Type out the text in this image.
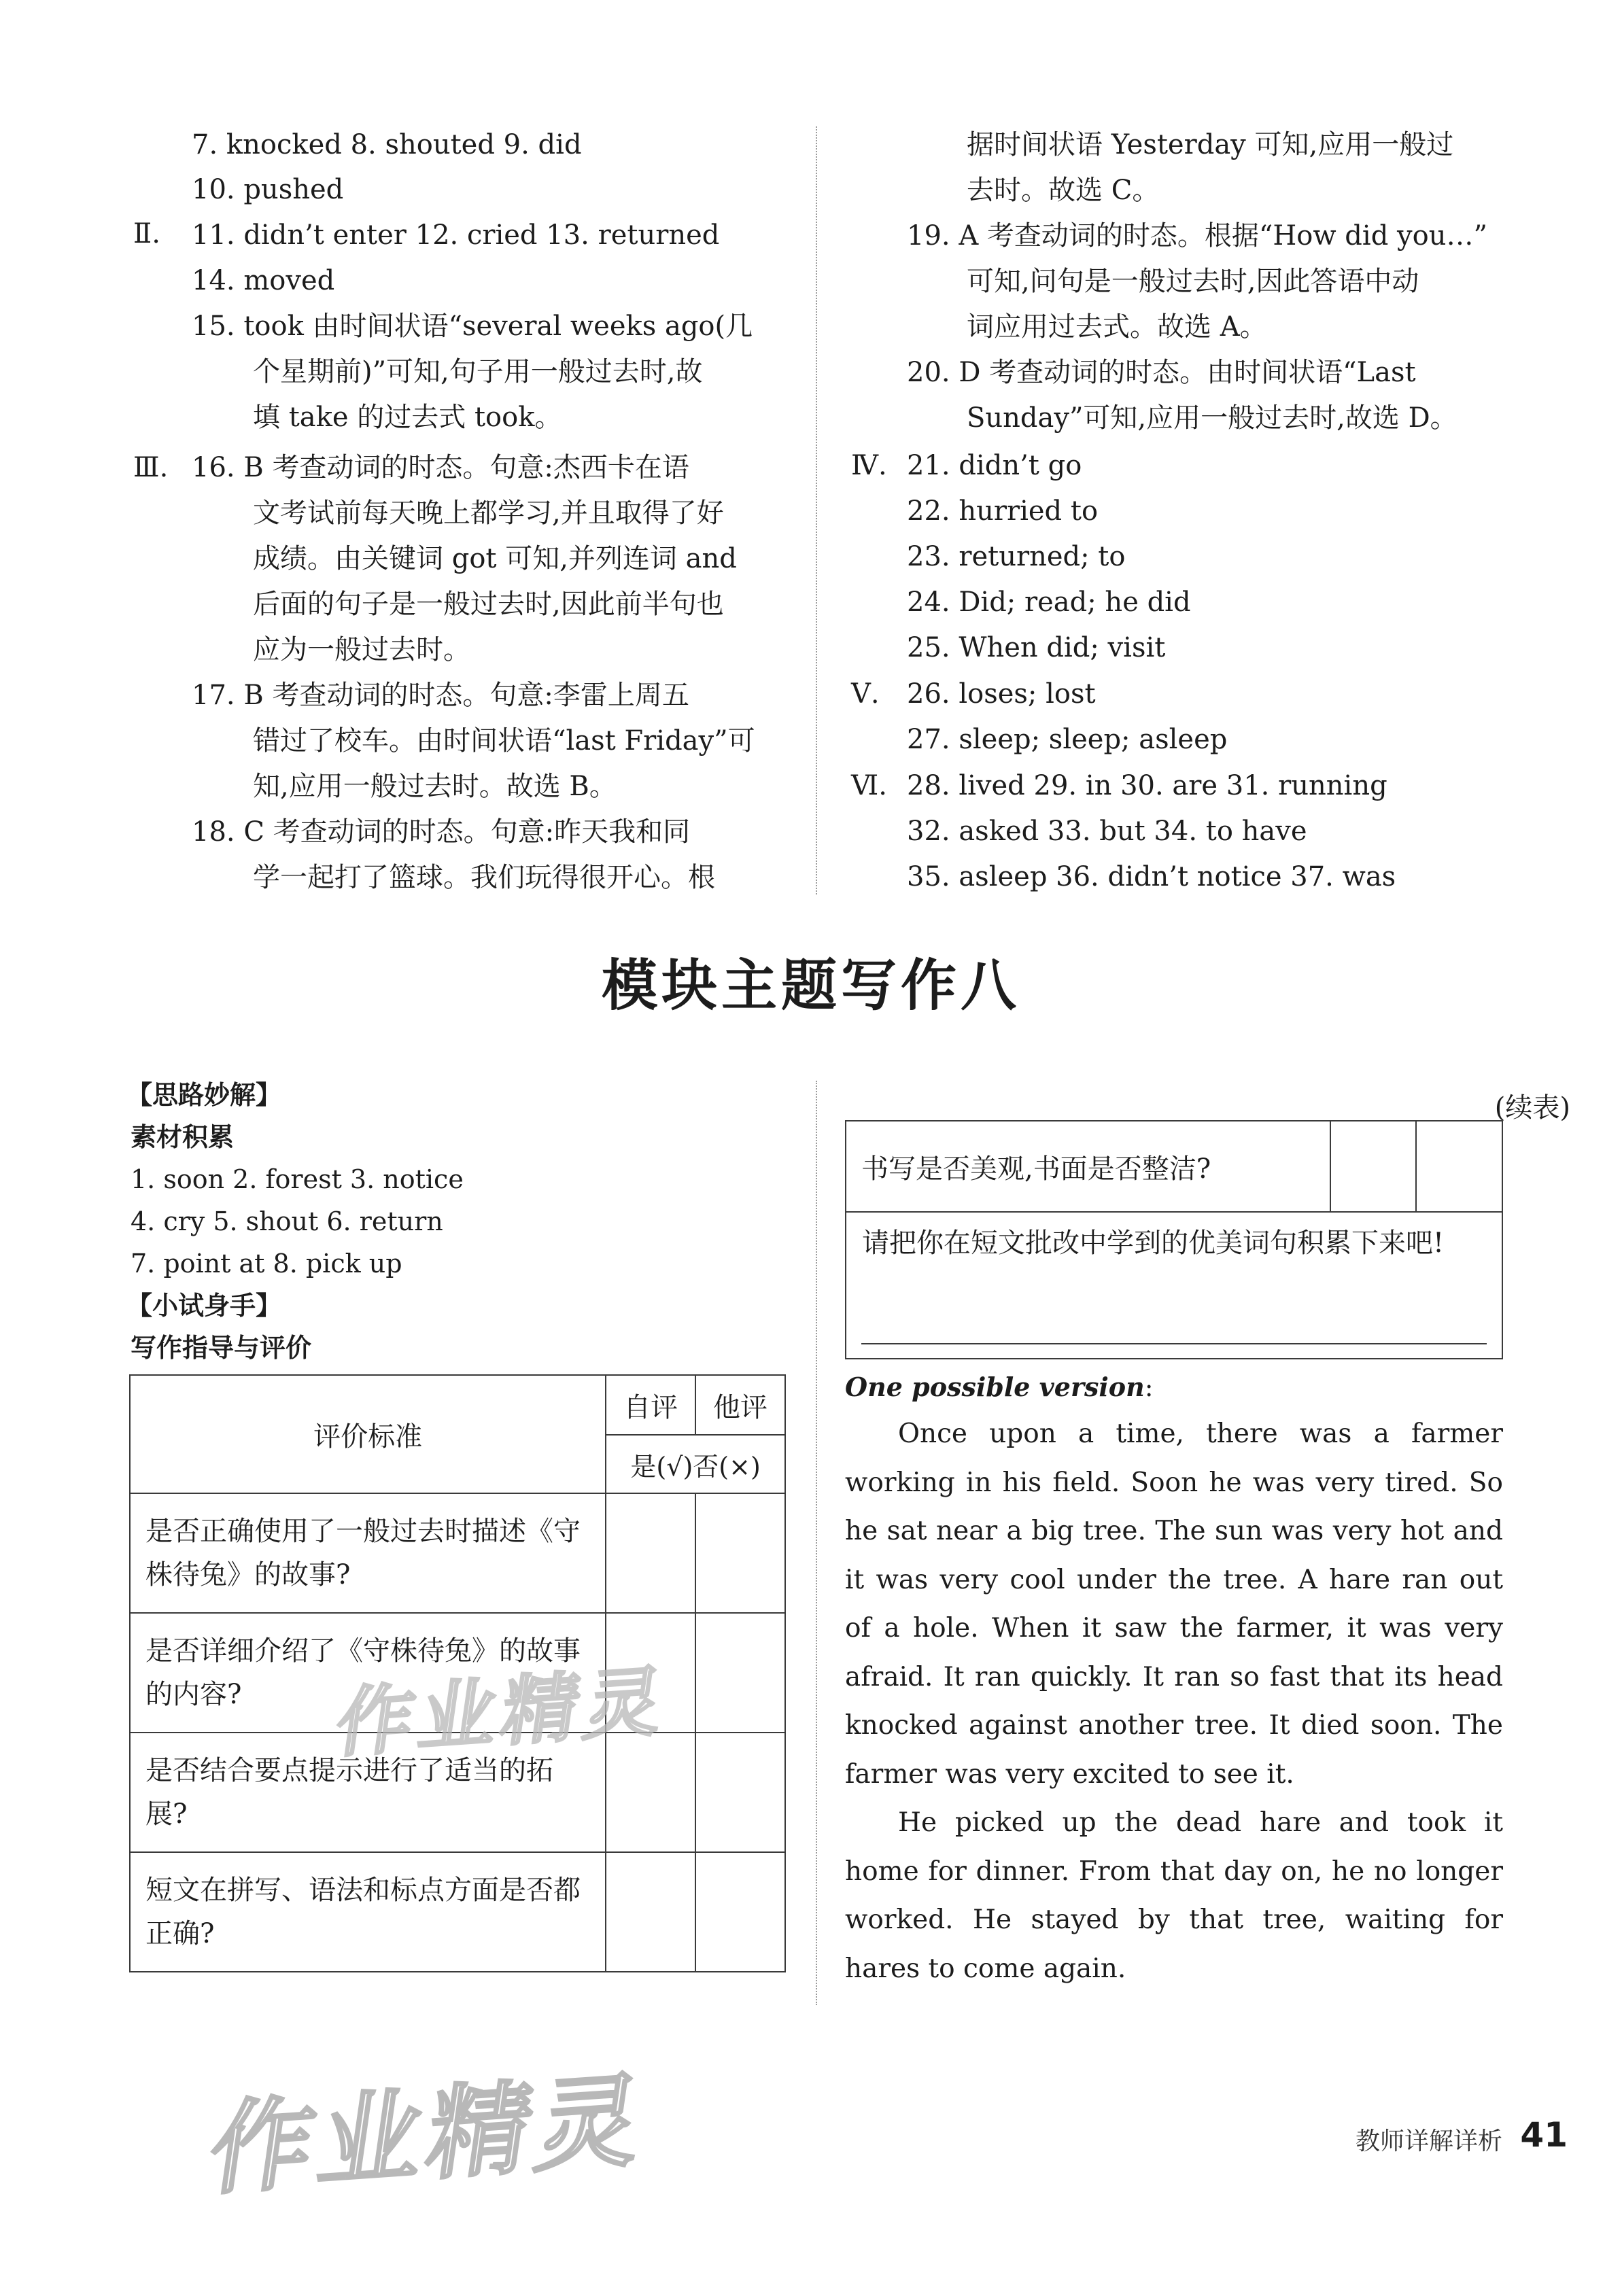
Ⅱ.
Ⅲ.
7. knocked 8. shouted 9. did
10. pushed
11. didn’t enter 12. cried 13. returned
14. moved
15. took 由时间状语“several weeks ago(几
个星期前)”可知,句子用一般过去时,故
填 take 的过去式 took。
16. B 考查动词的时态。句意:杰西卡在语
文考试前每天晚上都学习,并且取得了好
成绩。由关键词 got 可知,并列连词 and
后面的句子是一般过去时,因此前半句也
应为一般过去时。
17. B 考查动词的时态。句意:李雷上周五
错过了校车。由时间状语“last Friday”可
知,应用一般过去时。故选 B。
18. C 考查动词的时态。句意:昨天我和同
学一起打了篮球。我们玩得很开心。根
Ⅳ.
Ⅴ.
Ⅵ.
据时间状语 Yesterday 可知,应用一般过
去时。故选 C。
19. A 考查动词的时态。根据“How did you…”
可知,问句是一般过去时,因此答语中动
词应用过去式。故选 A。
20. D 考查动词的时态。由时间状语“Last
Sunday”可知,应用一般过去时,故选 D。
21. didn’t go
22. hurried to
23. returned; to
24. Did; read; he did
25. When did; visit
26. loses; lost
27. sleep; sleep; asleep
28. lived 29. in 30. are 31. running
32. asked 33. but 34. to have
35. asleep 36. didn’t notice 37. was
模块主题写作八
【思路妙解】
素材积累
1. soon 2. forest 3. notice
4. cry 5. shout 6. return
7. point at 8. pick up
【小试身手】
写作指导与评价
评价标准	自评	他评
	是(√)否(×)	

是否正确使用了一般过去时描述《守株待兔》的故事?		

是否详细介绍了《守株待兔》的故事的内容?		

是否结合要点提示进行了适当的拓展?		

短文在拼写、语法和标点方面是否都正确?		

(续表)
书写是否美观,书面是否整洁?		

请把你在短文批改中学到的优美词句积累下来吧!
One possible version:

Once upon a time, there was a farmer working in his field. Soon he was very tired. So he sat near a big tree. The sun was very hot and it was very cool under the tree. A hare ran out of a hole. When it saw the farmer, it was very afraid. It ran quickly. It ran so fast that its head knocked against another tree. It died soon. The farmer was very excited to see it.

He picked up the dead hare and took it home for dinner. From that day on, he no longer worked. He stayed by that tree, waiting for hares to come again.

作业精灵
作业精灵	教师详解详析 41
